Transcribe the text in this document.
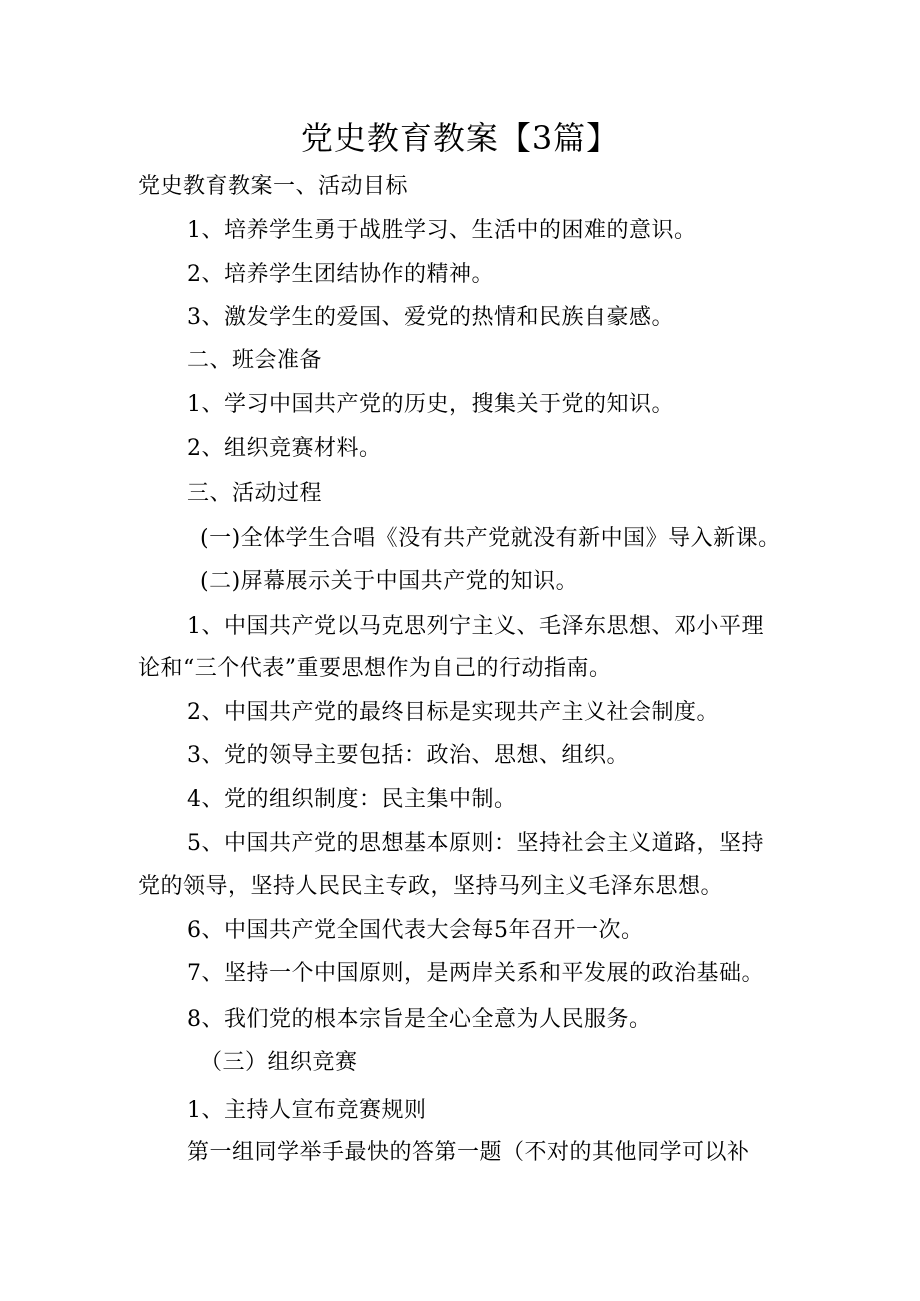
党史教育教案【3篇】
党史教育教案一、活动目标
1、培养学生勇于战胜学习、生活中的困难的意识。
2、培养学生团结协作的精神。
3、激发学生的爱国、爱党的热情和民族自豪感。
二、班会准备
1、学习中国共产党的历史，搜集关于党的知识。
2、组织竞赛材料。
三、活动过程
(一)全体学生合唱《没有共产党就没有新中国》导入新课。
(二)屏幕展示关于中国共产党的知识。
1、中国共产党以马克思列宁主义、毛泽东思想、邓小平理
论和“三个代表”重要思想作为自己的行动指南。
2、中国共产党的最终目标是实现共产主义社会制度。
3、党的领导主要包括：政治、思想、组织。
4、党的组织制度：民主集中制。
5、中国共产党的思想基本原则：坚持社会主义道路，坚持
党的领导，坚持人民民主专政，坚持马列主义毛泽东思想。
6、中国共产党全国代表大会每5年召开一次。
7、坚持一个中国原则，是两岸关系和平发展的政治基础。
8、我们党的根本宗旨是全心全意为人民服务。
（三）组织竞赛
1、主持人宣布竞赛规则
第一组同学举手最快的答第一题（不对的其他同学可以补
